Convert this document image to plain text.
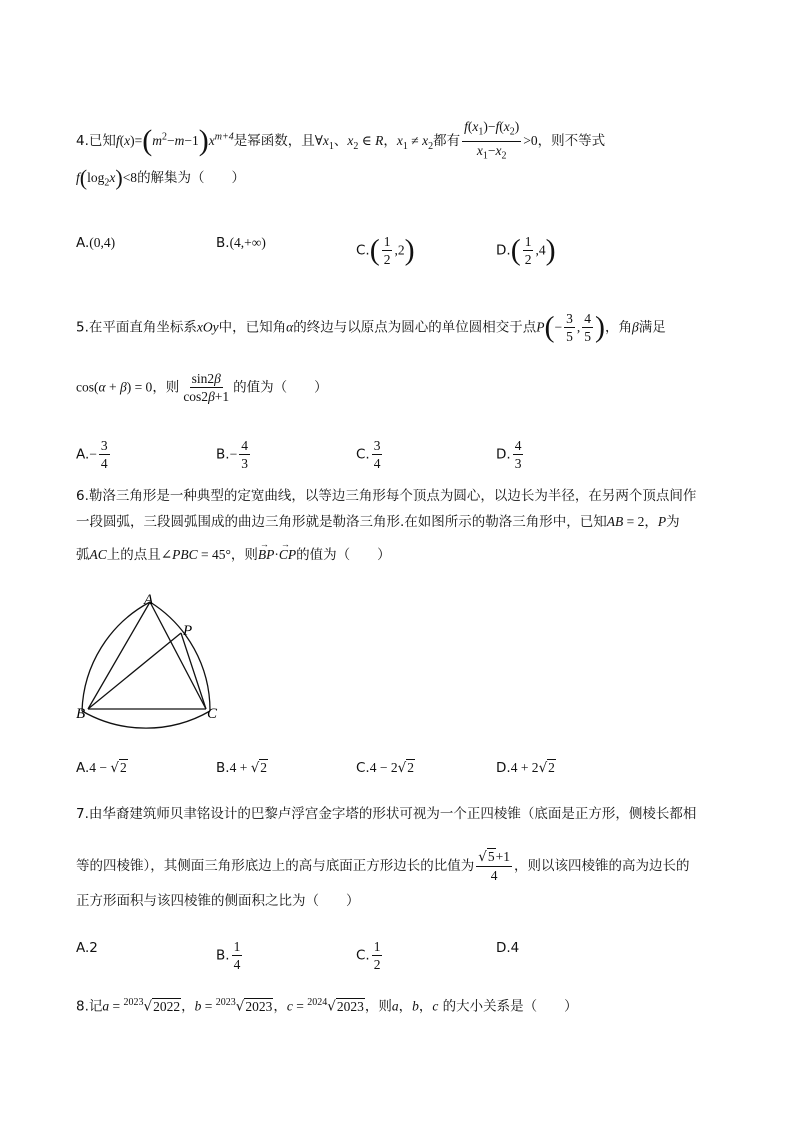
4.已知$f(x)=(m^2-m-1)x^{m+4}$是幂函数，且$\forall x_1$、$x_2$ ∈ R，$x_1 \ne x_2$都有 $\frac{f(x_1)-f(x_2)}{x_1-x_2} >0$，则不等式
$f(\log_2x)<8$的解集为（　　）
A.(0,4)	B.(4,+∞)	$C.( \frac{1}{2} ,2)$	$D.( \frac{1}{2} ,4)$
5.在平面直角坐标系xOy中，已知角α的终边与以原点为圆心的单位圆相交于点$P(- \frac{3}{5}$ , $\frac{4}{5}$ )，角β满足
cos(α + β) = 0，则 $\frac{\sin 2\beta}{\cos 2\beta+1}$ 的值为（　　）
$A.- \frac{3}{4}$	$B.- \frac{4}{3}$	C. $\frac{3}{4}$	D. $\frac{4}{3}$
6.勒洛三角形是一种典型的定宽曲线，以等边三角形每个顶点为圆心，以边长为半径，在另两个顶点间作
一段圆弧，三段圆弧围成的曲边三角形就是勒洛三角形.在如图所示的勒洛三角形中，已知AB = 2，P为
弧AC上的点且∠PBC = 45°，则→ BP·→ CP的值为（　　）
A
P
B	C
A.4 − √2	B.4 + √2	C.4 − 2√2	D.4 + 2√2
7.由华裔建筑师贝聿铭设计的巴黎卢浮宫金字塔的形状可视为一个正四棱锥（底面是正方形，侧棱长都相
等的四棱锥），其侧面三角形底边上的高与底面正方形边长的比值为 $\frac{√5+1}{4}$ ，则以该四棱锥的高为边长的
正方形面积与该四棱锥的侧面积之比为（　　）
A.2	B. $\frac{1}{4}$	C. $\frac{1}{2}$	D.4
8.记a = $^{2023}$√2022，b = $^{2023}$√2023，c = $^{2024}$√2023，则a，b，c 的大小关系是（　　）
